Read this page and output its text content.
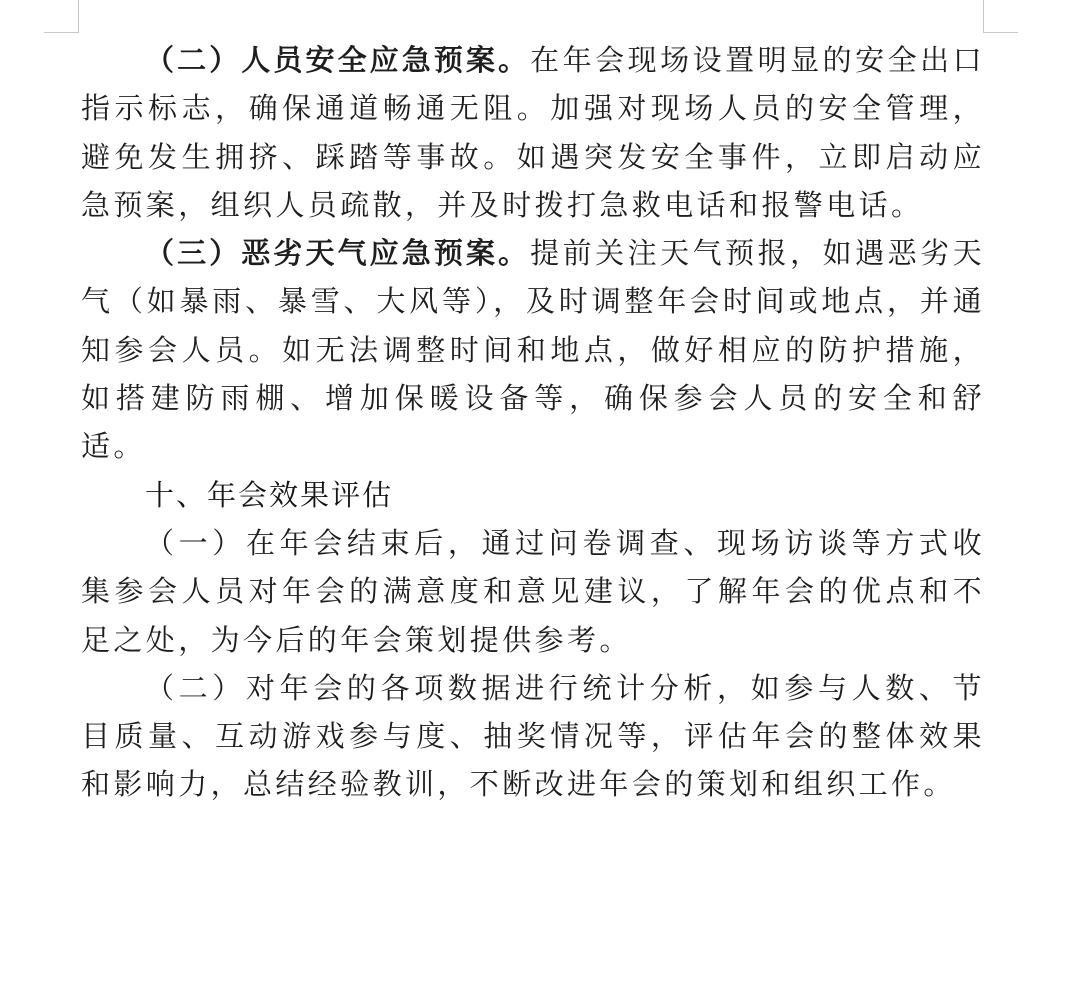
（二）人员安全应急预案。在年会现场设置明显的安全出口指示标志，确保通道畅通无阻。加强对现场人员的安全管理，避免发生拥挤、踩踏等事故。如遇突发安全事件，立即启动应急预案，组织人员疏散，并及时拨打急救电话和报警电话。

（三）恶劣天气应急预案。提前关注天气预报，如遇恶劣天气（如暴雨、暴雪、大风等），及时调整年会时间或地点，并通知参会人员。如无法调整时间和地点，做好相应的防护措施，如搭建防雨棚、增加保暖设备等，确保参会人员的安全和舒适。

十、年会效果评估

（一）在年会结束后，通过问卷调查、现场访谈等方式收集参会人员对年会的满意度和意见建议，了解年会的优点和不足之处，为今后的年会策划提供参考。

（二）对年会的各项数据进行统计分析，如参与人数、节目质量、互动游戏参与度、抽奖情况等，评估年会的整体效果和影响力，总结经验教训，不断改进年会的策划和组织工作。
